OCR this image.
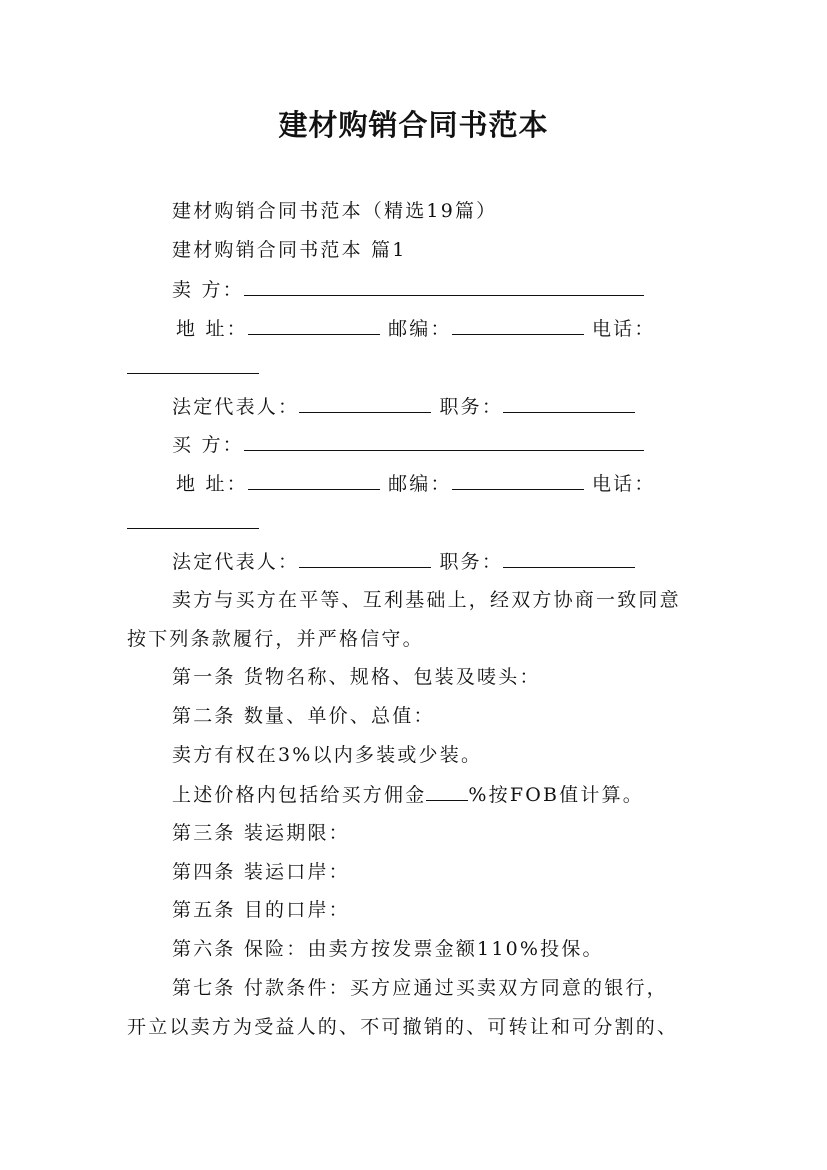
建材购销合同书范本
建材购销合同书范本（精选19篇）
建材购销合同书范本 篇1
卖 方：
地 址：	邮编：	电话：
法定代表人：	职务：
买 方：
地 址：	邮编：	电话：
法定代表人：	职务：
卖方与买方在平等、互利基础上，经双方协商一致同意
按下列条款履行，并严格信守。
第一条 货物名称、规格、包装及唛头：
第二条 数量、单价、总值：
卖方有权在3%以内多装或少装。
上述价格内包括给买方佣金 %按FOB值计算。
第三条 装运期限：
第四条 装运口岸：
第五条 目的口岸：
第六条 保险：由卖方按发票金额110%投保。
第七条 付款条件：买方应通过买卖双方同意的银行，
开立以卖方为受益人的、不可撤销的、可转让和可分割的、
